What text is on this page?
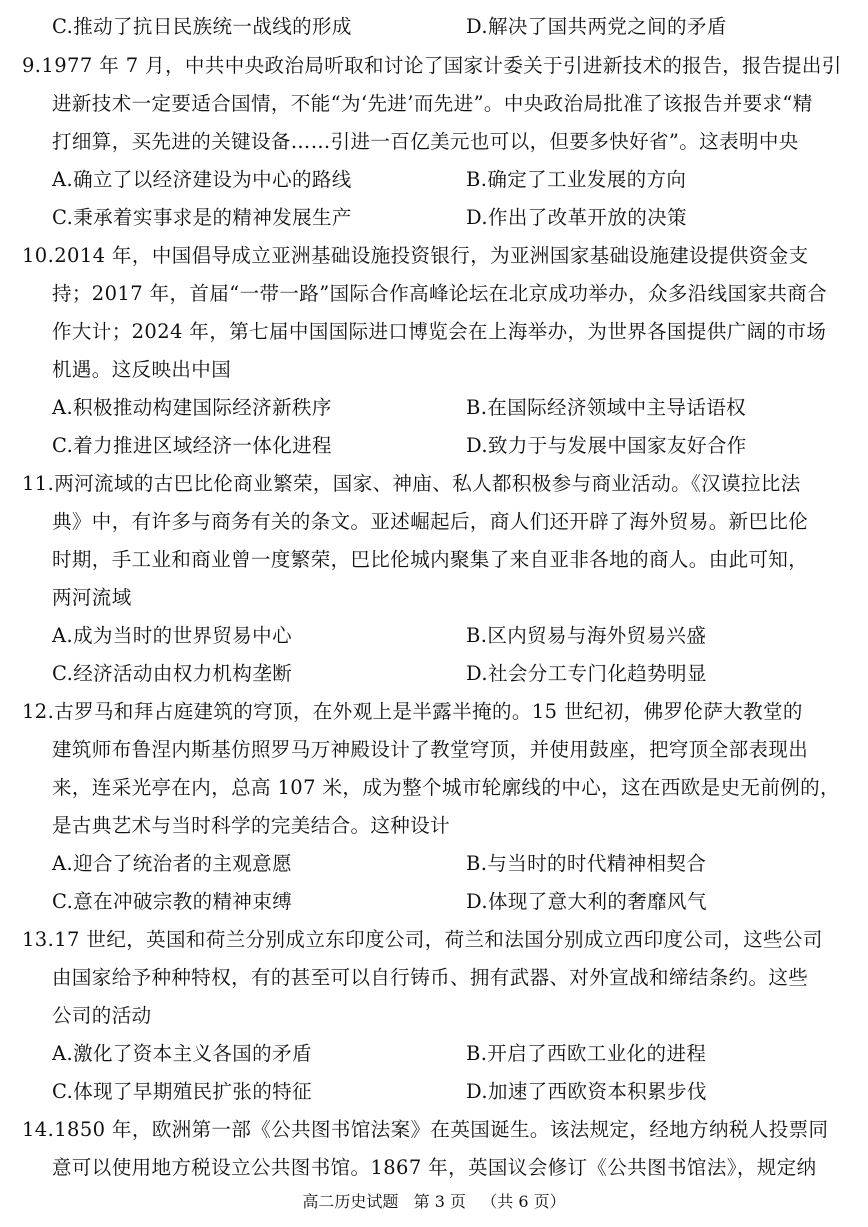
C.推动了抗日民族统一战线的形成	D.解决了国共两党之间的矛盾
9.1977 年 7 月，中共中央政治局听取和讨论了国家计委关于引进新技术的报告，报告提出引
进新技术一定要适合国情，不能“为‘先进’而先进”。中央政治局批准了该报告并要求“精
打细算，买先进的关键设备……引进一百亿美元也可以，但要多快好省”。这表明中央
A.确立了以经济建设为中心的路线	B.确定了工业发展的方向
C.秉承着实事求是的精神发展生产	D.作出了改革开放的决策
10.2014 年，中国倡导成立亚洲基础设施投资银行，为亚洲国家基础设施建设提供资金支
持；2017 年，首届“一带一路”国际合作高峰论坛在北京成功举办，众多沿线国家共商合
作大计；2024 年，第七届中国国际进口博览会在上海举办，为世界各国提供广阔的市场
机遇。这反映出中国
A.积极推动构建国际经济新秩序	B.在国际经济领域中主导话语权
C.着力推进区域经济一体化进程	D.致力于与发展中国家友好合作
11.两河流域的古巴比伦商业繁荣，国家、神庙、私人都积极参与商业活动。《汉谟拉比法
典》中，有许多与商务有关的条文。亚述崛起后，商人们还开辟了海外贸易。新巴比伦
时期，手工业和商业曾一度繁荣，巴比伦城内聚集了来自亚非各地的商人。由此可知，
两河流域
A.成为当时的世界贸易中心	B.区内贸易与海外贸易兴盛
C.经济活动由权力机构垄断	D.社会分工专门化趋势明显
12.古罗马和拜占庭建筑的穹顶，在外观上是半露半掩的。15 世纪初，佛罗伦萨大教堂的
建筑师布鲁涅内斯基仿照罗马万神殿设计了教堂穹顶，并使用鼓座，把穹顶全部表现出
来，连采光亭在内，总高 107 米，成为整个城市轮廓线的中心，这在西欧是史无前例的，
是古典艺术与当时科学的完美结合。这种设计
A.迎合了统治者的主观意愿	B.与当时的时代精神相契合
C.意在冲破宗教的精神束缚	D.体现了意大利的奢靡风气
13.17 世纪，英国和荷兰分别成立东印度公司，荷兰和法国分别成立西印度公司，这些公司
由国家给予种种特权，有的甚至可以自行铸币、拥有武器、对外宣战和缔结条约。这些
公司的活动
A.激化了资本主义各国的矛盾	B.开启了西欧工业化的进程
C.体现了早期殖民扩张的特征	D.加速了西欧资本积累步伐
14.1850 年，欧洲第一部《公共图书馆法案》在英国诞生。该法规定，经地方纳税人投票同
意可以使用地方税设立公共图书馆。1867 年，英国议会修订《公共图书馆法》，规定纳
高二历史试题   第 3 页   （共 6 页）
